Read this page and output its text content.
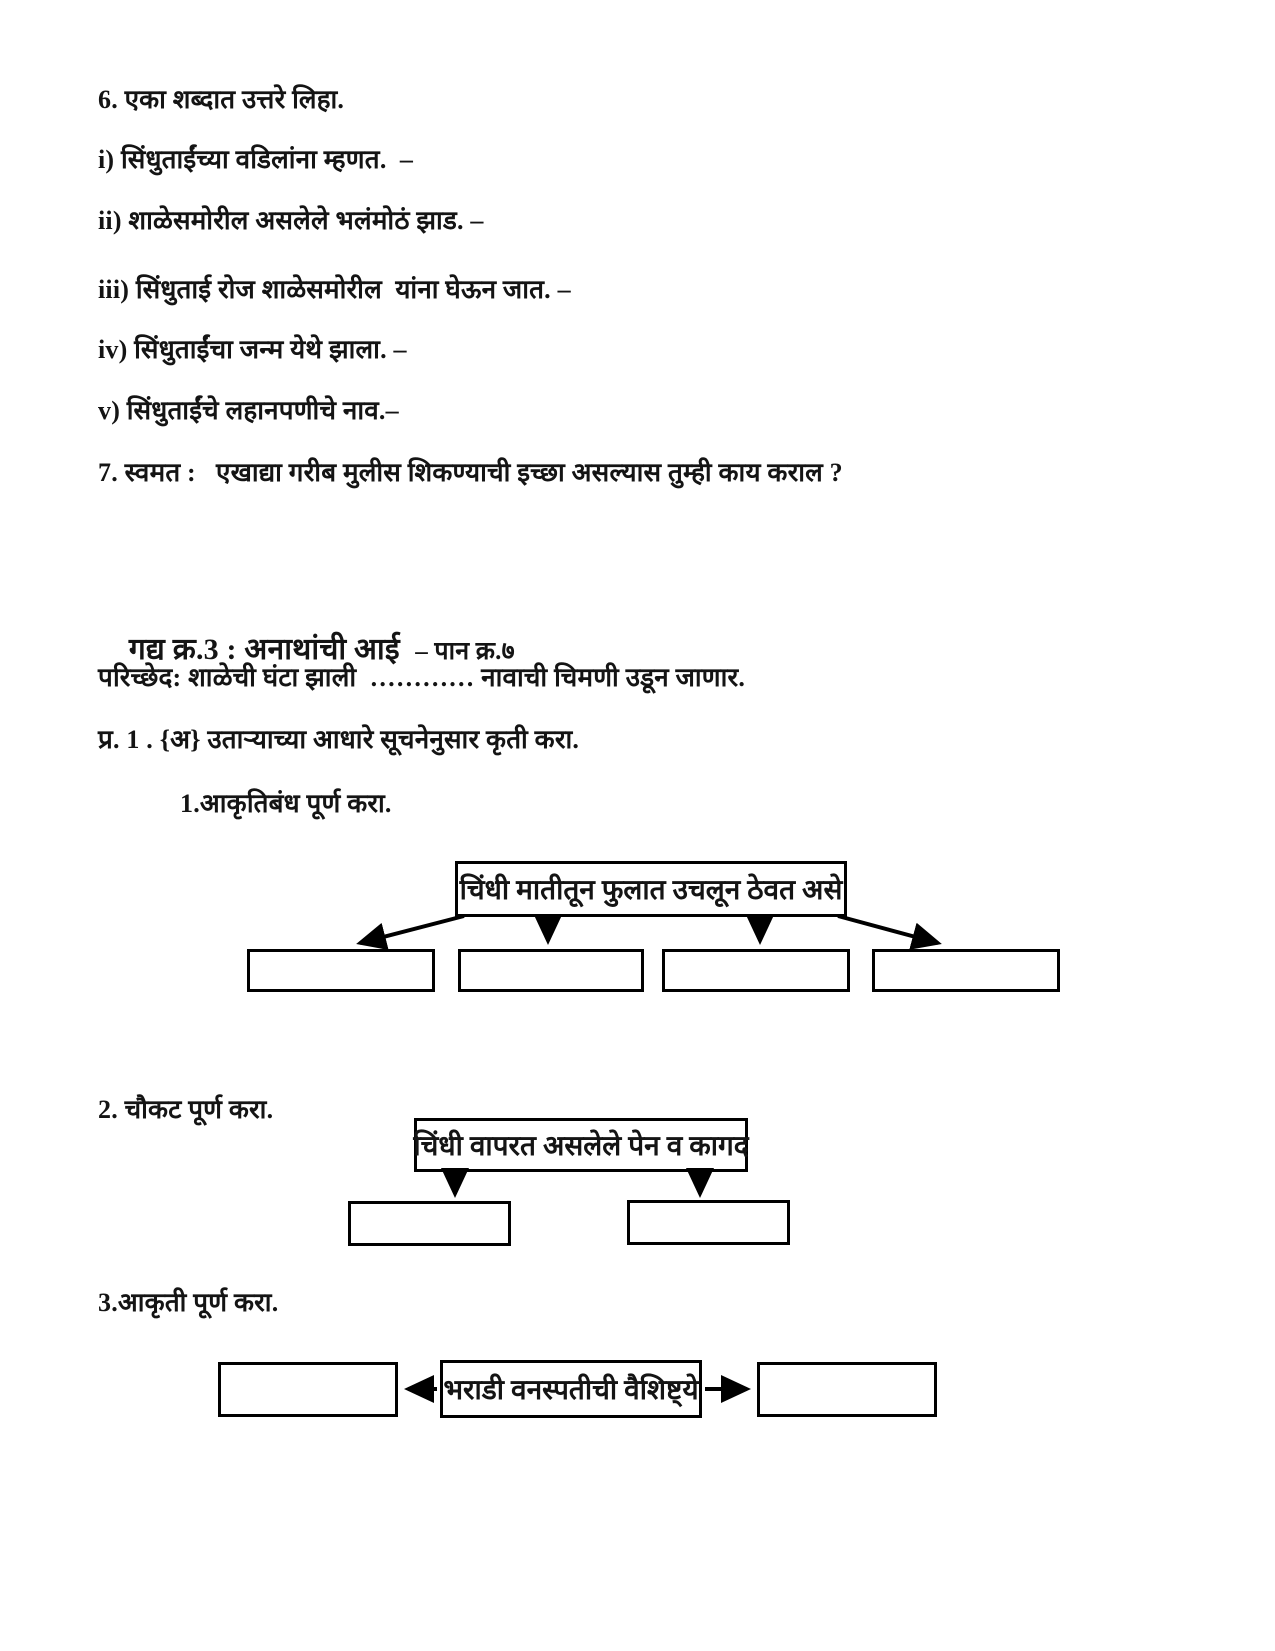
6. एका शब्दात उत्तरे लिहा.
i) सिंधुताईंच्या वडिलांना म्हणत.  –
ii) शाळेसमोरील असलेले भलंमोठं झाड. –
iii) सिंधुताई रोज शाळेसमोरील  यांना घेऊन जात. –
iv) सिंधुताईंचा जन्म येथे झाला. –
v) सिंधुताईंचे लहानपणीचे नाव.–
7. स्वमत :   एखाद्या गरीब मुलीस शिकण्याची इच्छा असल्यास तुम्ही काय कराल ?

गद्य क्र.3 : अनाथांची आई  – पान क्र.७

परिच्छेद: शाळेची घंटा झाली  ………… नावाची चिमणी उडून जाणार.
प्र. 1 . {अ} उताऱ्याच्या आधारे सूचनेनुसार कृती करा.
1.आकृतिबंध पूर्ण करा.
चिंधी मातीतून फुलात उचलून ठेवत असे
2. चौकट पूर्ण करा.
चिंधी वापरत असलेले पेन व कागद
3.आकृती पूर्ण करा.
भराडी वनस्पतीची वैशिष्ट्ये
